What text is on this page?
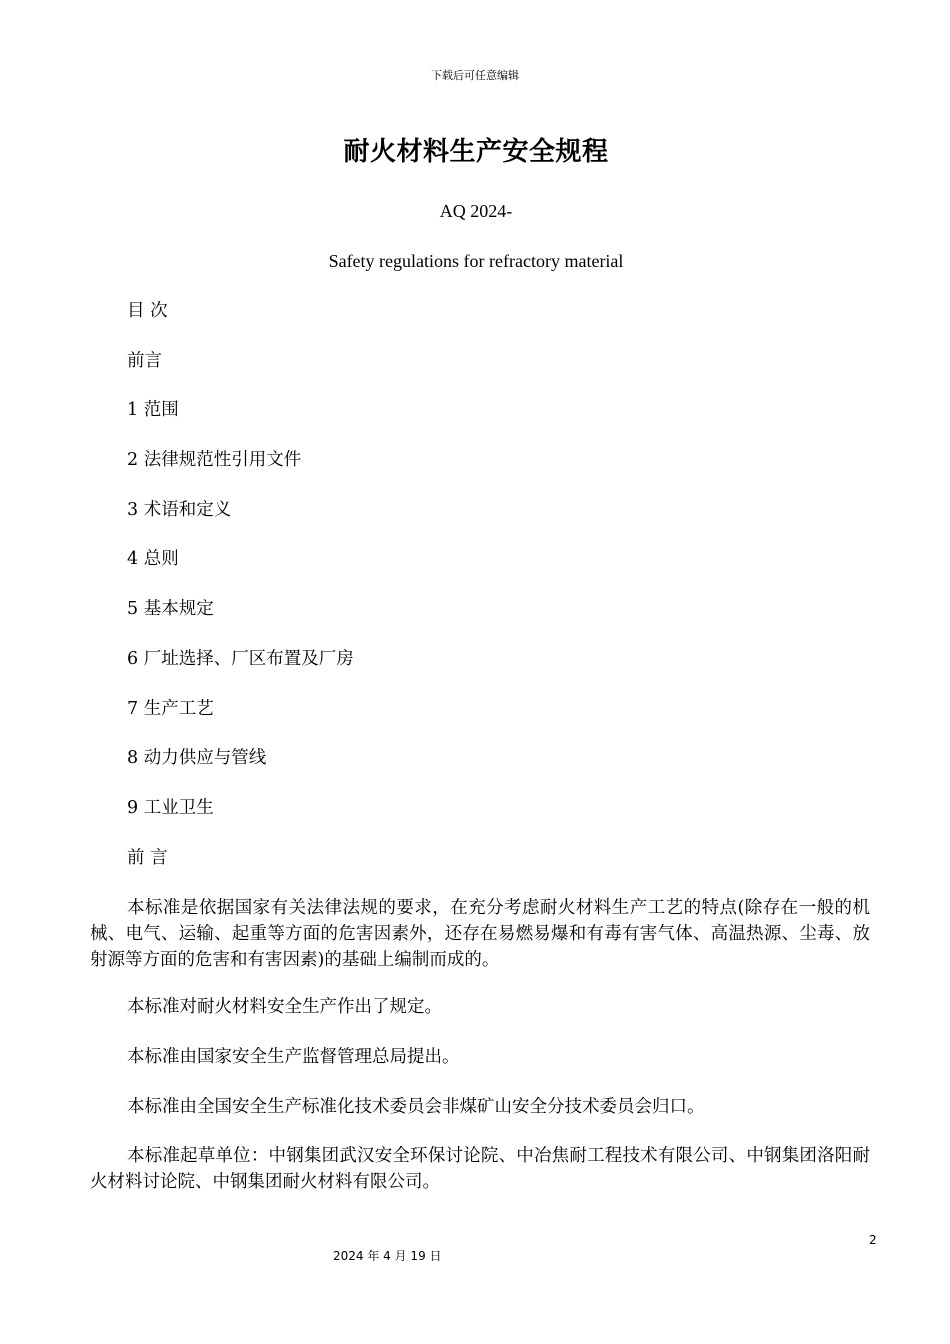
下载后可任意编辑
耐火材料生产安全规程
AQ 2024-
Safety regulations for refractory material
目 次
前言
1 范围
2 法律规范性引用文件
3 术语和定义
4 总则
5 基本规定
6 厂址选择、厂区布置及厂房
7 生产工艺
8 动力供应与管线
9 工业卫生
前 言
本标准是依据国家有关法律法规的要求，在充分考虑耐火材料生产工艺的特点(除存在一般的机械、电气、运输、起重等方面的危害因素外，还存在易燃易爆和有毒有害气体、高温热源、尘毒、放射源等方面的危害和有害因素)的基础上编制而成的。
本标准对耐火材料安全生产作出了规定。
本标准由国家安全生产监督管理总局提出。
本标准由全国安全生产标准化技术委员会非煤矿山安全分技术委员会归口。
本标准起草单位：中钢集团武汉安全环保讨论院、中冶焦耐工程技术有限公司、中钢集团洛阳耐火材料讨论院、中钢集团耐火材料有限公司。
2
2024 年 4 月 19 日
